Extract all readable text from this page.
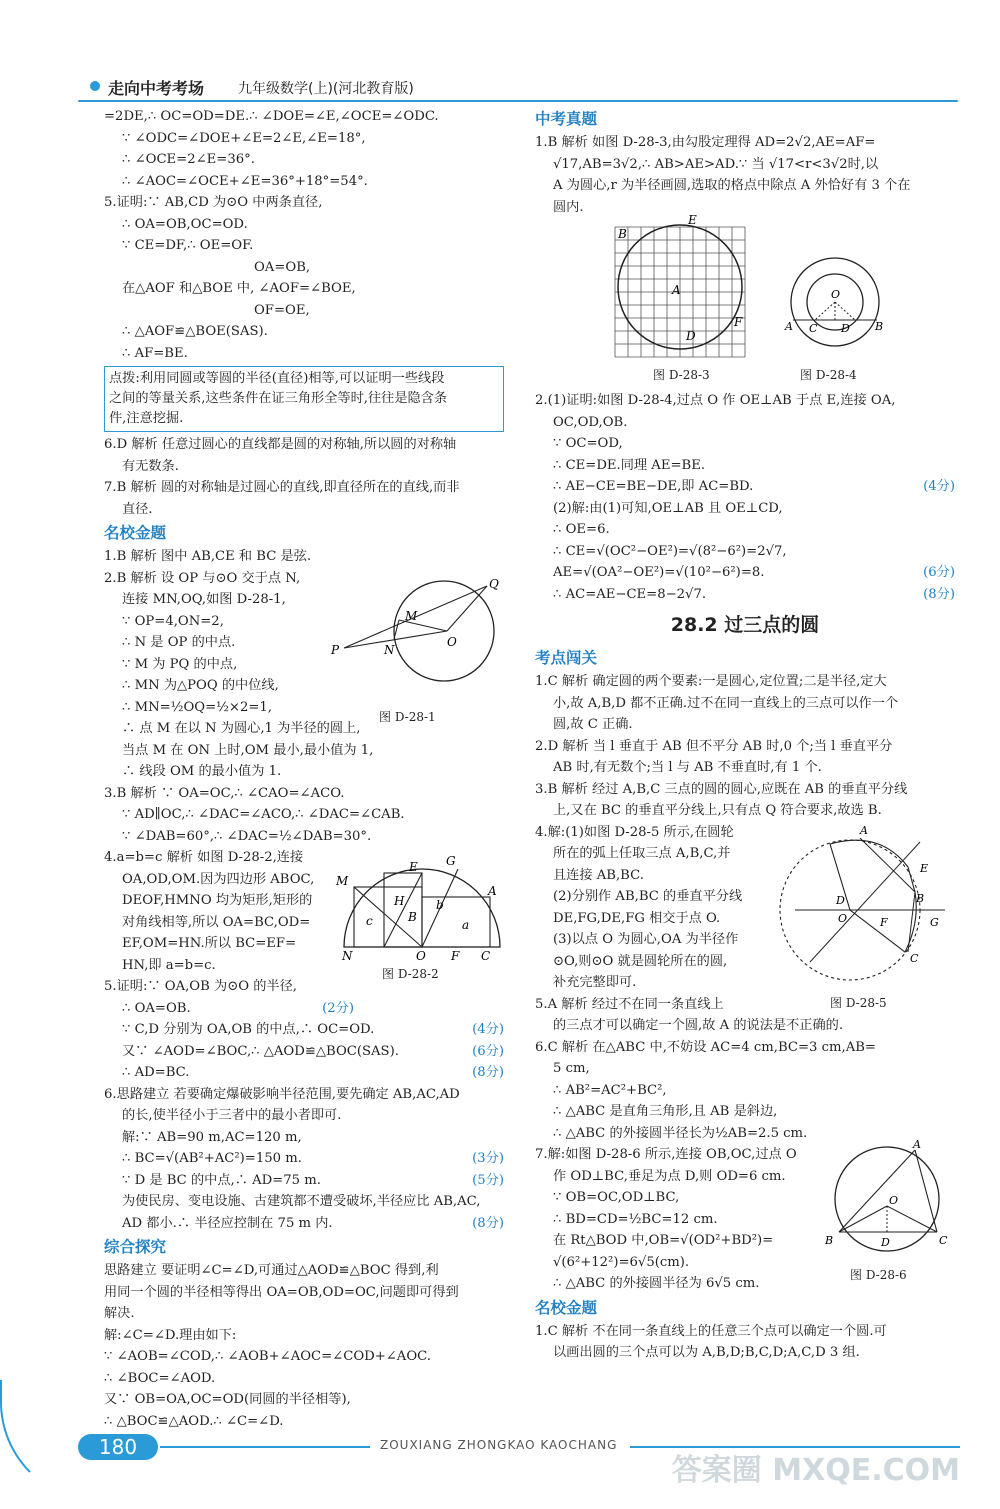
走向中考考场 九年级数学(上)(河北教育版)
=2DE,∴ OC=OD=DE.∴ ∠DOE=∠E,∠OCE=∠ODC.
∵ ∠ODC=∠DOE+∠E=2∠E,∠E=18°,
∴ ∠OCE=2∠E=36°.
∴ ∠AOC=∠OCE+∠E=36°+18°=54°.
5.证明:∵ AB,CD 为⊙O 中两条直径,
∴ OA=OB,OC=OD.
∵ CE=DF,∴ OE=OF.
OA=OB,
在△AOF 和△BOE 中, ∠AOF=∠BOE,
OF=OE,
∴ △AOF≌△BOE(SAS).
∴ AF=BE.
点拨:利用同圆或等圆的半径(直径)相等,可以证明一些线段
之间的等量关系,这些条件在证三角形全等时,往往是隐含条
件,注意挖掘.
6.D 解析 任意过圆心的直线都是圆的对称轴,所以圆的对称轴
有无数条.
7.B 解析 圆的对称轴是过圆心的直线,即直径所在的直线,而非
直径.
名校金题
1.B 解析 图中 AB,CE 和 BC 是弦.
2.B 解析 设 OP 与⊙O 交于点 N,
连接 MN,OQ,如图 D-28-1,
∵ OP=4,ON=2,
∴ N 是 OP 的中点.
∵ M 为 PQ 的中点,
∴ MN 为△POQ 的中位线,
∴ MN=½OQ=½×2=1,
P
M
N
O
Q
图 D-28-1
∴ 点 M 在以 N 为圆心,1 为半径的圆上,
当点 M 在 ON 上时,OM 最小,最小值为 1,
∴ 线段 OM 的最小值为 1.
3.B 解析 ∵ OA=OC,∴ ∠CAO=∠ACO.
∵ AD∥OC,∴ ∠DAC=∠ACO,∴ ∠DAC=∠CAB.
∵ ∠DAB=60°,∴ ∠DAC=½∠DAB=30°.
4.a=b=c 解析 如图 D-28-2,连接
OA,OD,OM.因为四边形 ABOC,
DEOF,HMNO 均为矩形,矩形的
对角线相等,所以 OA=BC,OD=
EF,OM=HN.所以 BC=EF=
HN,即 a=b=c.
M
E G
H
B
A
b
c	a
N	O F C
图 D-28-2
5.证明:∵ OA,OB 为⊙O 的半径,
∴ OA=OB.	(2分)
∵ C,D 分别为 OA,OB 的中点,∴ OC=OD.	(4分)
又∵ ∠AOD=∠BOC,∴ △AOD≌△BOC(SAS).	(6分)
∴ AD=BC.	(8分)
6.思路建立 若要确定爆破影响半径范围,要先确定 AB,AC,AD
的长,使半径小于三者中的最小者即可.
解:∵ AB=90 m,AC=120 m,
∴ BC=√(AB²+AC²)=150 m.	(3分)
∵ D 是 BC 的中点,∴ AD=75 m.	(5分)
为使民房、变电设施、古建筑都不遭受破坏,半径应比 AB,AC,
AD 都小.∴ 半径应控制在 75 m 内.	(8分)
综合探究
思路建立 要证明∠C=∠D,可通过△AOD≌△BOC 得到,利
用同一个圆的半径相等得出 OA=OB,OD=OC,问题即可得到
解决.
解:∠C=∠D.理由如下:
∵ ∠AOB=∠COD,∴ ∠AOB+∠AOC=∠COD+∠AOC.
∴ ∠BOC=∠AOD.
又∵ OB=OA,OC=OD(同圆的半径相等),
∴ △BOC≌△AOD.∴ ∠C=∠D.
中考真题
1.B 解析 如图 D-28-3,由勾股定理得 AD=2√2,AE=AF=
√17,AB=3√2,∴ AB>AE>AD.∵ 当 √17<r<3√2时,以
A 为圆心,r 为半径画圆,选取的格点中除点 A 外恰好有 3 个在
圆内.
B
A
E
D
F
O
A C D B
图 D-28-3	图 D-28-4
2.(1)证明:如图 D-28-4,过点 O 作 OE⊥AB 于点 E,连接 OA,
OC,OD,OB.
∵ OC=OD,
∴ CE=DE.同理 AE=BE.
∴ AE−CE=BE−DE,即 AC=BD.	(4分)
(2)解:由(1)可知,OE⊥AB 且 OE⊥CD,
∴ OE=6.
∴ CE=√(OC²−OE²)=√(8²−6²)=2√7,
AE=√(OA²−OE²)=√(10²−6²)=8.	(6分)
∴ AC=AE−CE=8−2√7.	(8分)
28.2 过三点的圆
考点闯关
1.C 解析 确定圆的两个要素:一是圆心,定位置;二是半径,定大
小,故 A,B,D 都不正确.过不在同一直线上的三点可以作一个
圆,故 C 正确.
2.D 解析 当 l 垂直于 AB 但不平分 AB 时,0 个;当 l 垂直平分
AB 时,有无数个;当 l 与 AB 不垂直时,有 1 个.
3.B 解析 经过 A,B,C 三点的圆的圆心,应既在 AB 的垂直平分线
上,又在 BC 的垂直平分线上,只有点 Q 符合要求,故选 B.
4.解:(1)如图 D-28-5 所示,在圆轮
所在的弧上任取三点 A,B,C,并
且连接 AB,BC.
(2)分别作 AB,BC 的垂直平分线
DE,FG,DE,FG 相交于点 O.
(3)以点 O 为圆心,OA 为半径作
⊙O,则⊙O 就是圆轮所在的圆,
补充完整即可.
5.A 解析 经过不在同一条直线上
A
E
B
D
O	F	G
C
图 D-28-5
的三点才可以确定一个圆,故 A 的说法是不正确的.
6.C 解析 在△ABC 中,不妨设 AC=4 cm,BC=3 cm,AB=
5 cm,
∴ AB²=AC²+BC²,
∴ △ABC 是直角三角形,且 AB 是斜边,
∴ △ABC 的外接圆半径长为½AB=2.5 cm.
7.解:如图 D-28-6 所示,连接 OB,OC,过点 O
作 OD⊥BC,垂足为点 D,则 OD=6 cm.
∵ OB=OC,OD⊥BC,
∴ BD=CD=½BC=12 cm.
在 Rt△BOD 中,OB=√(OD²+BD²)=
√(6²+12²)=6√5(cm).
∴ △ABC 的外接圆半径为 6√5 cm.
A
O
B	D	C
图 D-28-6
名校金题
1.C 解析 不在同一条直线上的任意三个点可以确定一个圆.可
以画出圆的三个点可以为 A,B,D;B,C,D;A,C,D 3 组.
180	ZOUXIANG ZHONGKAO KAOCHANG
答案圈 MXQE.COM
